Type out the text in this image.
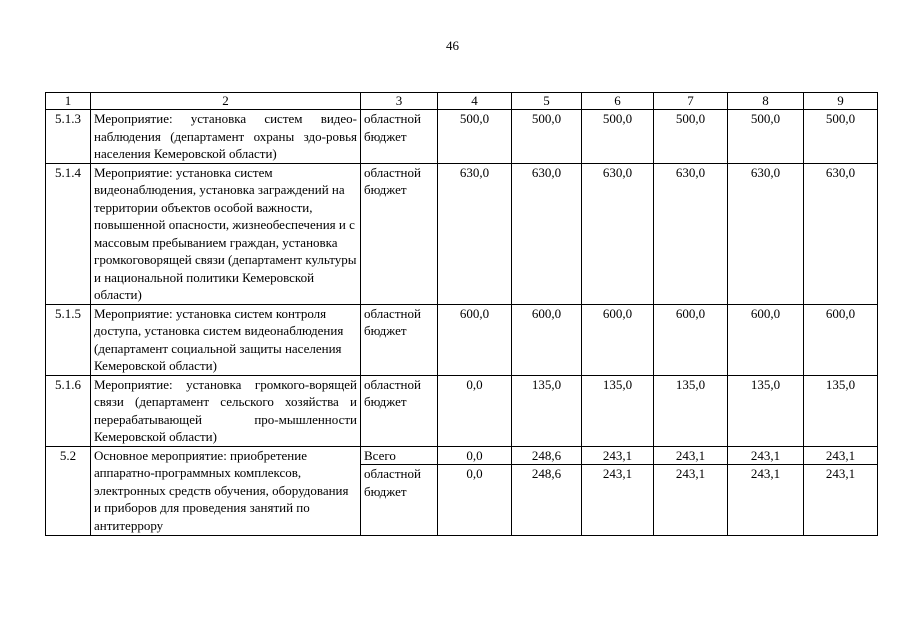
46
1	2	3	4	5	6	7	8	9
5.1.3	Мероприятие: установка систем видео-наблюдения (департамент охраны здо-ровья населения Кемеровской области)	областной бюджет	500,0	500,0	500,0	500,0	500,0	500,0
5.1.4	Мероприятие: установка систем видеонаблюдения, установка заграждений на территории объектов особой важности, повышенной опасности, жизнеобеспечения и с массовым пребыванием граждан, установка громкоговорящей связи (департамент культуры и национальной политики Кемеровской области)	областной бюджет	630,0	630,0	630,0	630,0	630,0	630,0
5.1.5	Мероприятие: установка систем контроля доступа, установка систем видеонаблюдения (департамент социальной защиты населения Кемеровской области)	областной бюджет	600,0	600,0	600,0	600,0	600,0	600,0
5.1.6	Мероприятие: установка громкого-ворящей связи (департамент сельского хозяйства и перерабатывающей про-мышленности Кемеровской области)	областной бюджет	0,0	135,0	135,0	135,0	135,0	135,0
5.2	Основное мероприятие: приобретение аппаратно-программных комплексов, электронных средств обучения, оборудования и приборов для проведения занятий по антитеррору	Всего	0,0	248,6	243,1	243,1	243,1	243,1
		областной бюджет	0,0	248,6	243,1	243,1	243,1	243,1
